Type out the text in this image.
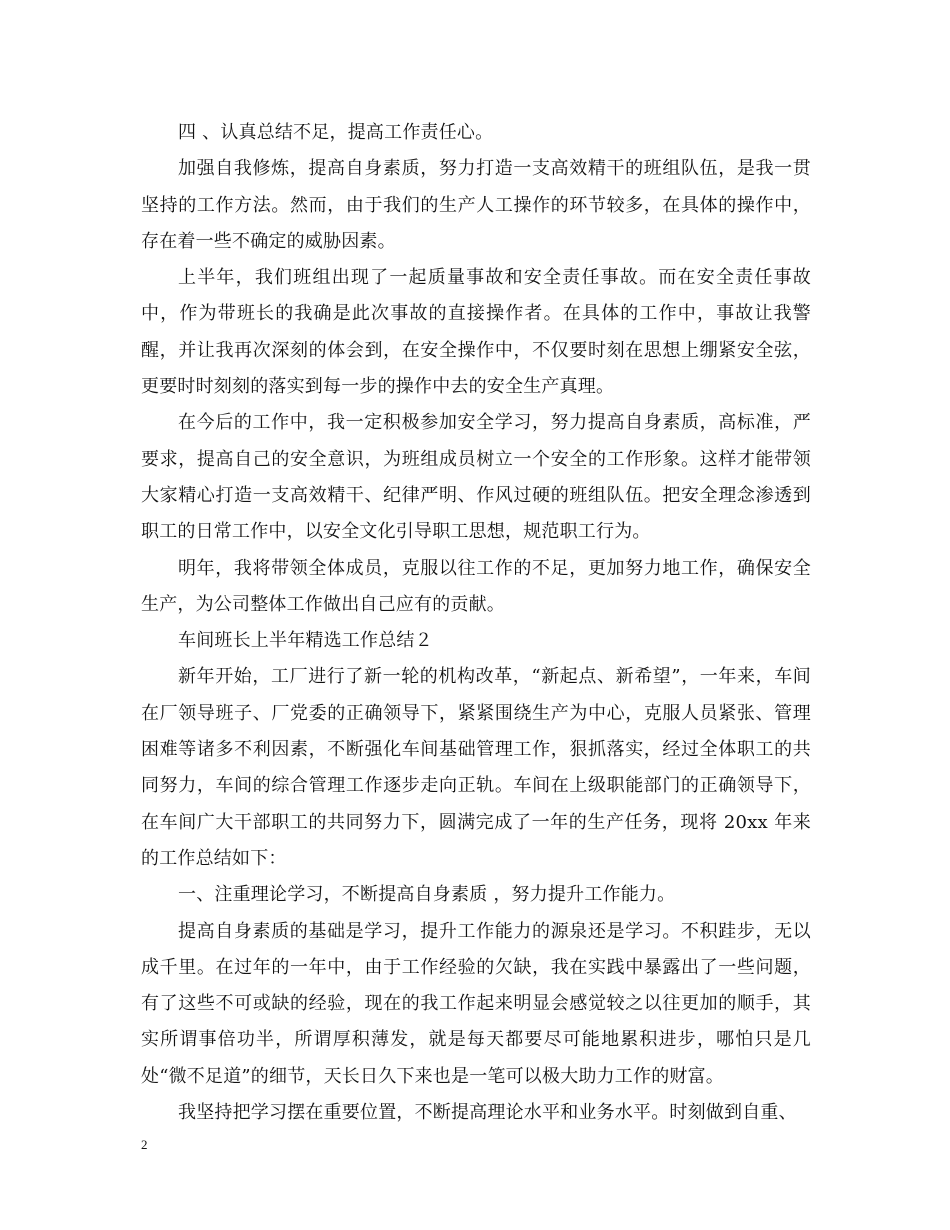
四 、认真总结不足，提高工作责任心。

加强自我修炼，提高自身素质，努力打造一支高效精干的班组队伍，是我一贯坚持的工作方法。然而，由于我们的生产人工操作的环节较多，在具体的操作中，存在着一些不确定的威胁因素。

上半年，我们班组出现了一起质量事故和安全责任事故。而在安全责任事故中，作为带班长的我确是此次事故的直接操作者。在具体的工作中，事故让我警醒，并让我再次深刻的体会到，在安全操作中，不仅要时刻在思想上绷紧安全弦，更要时时刻刻的落实到每一步的操作中去的安全生产真理。

在今后的工作中，我一定积极参加安全学习，努力提高自身素质，高标准，严要求，提高自己的安全意识，为班组成员树立一个安全的工作形象。这样才能带领大家精心打造一支高效精干、纪律严明、作风过硬的班组队伍。把安全理念渗透到职工的日常工作中，以安全文化引导职工思想，规范职工行为。

明年，我将带领全体成员，克服以往工作的不足，更加努力地工作，确保安全生产，为公司整体工作做出自己应有的贡献。

车间班长上半年精选工作总结２

新年开始，工厂进行了新一轮的机构改革，“新起点、新希望”，一年来，车间在厂领导班子、厂党委的正确领导下，紧紧围绕生产为中心，克服人员紧张、管理困难等诸多不利因素，不断强化车间基础管理工作，狠抓落实，经过全体职工的共同努力，车间的综合管理工作逐步走向正轨。车间在上级职能部门的正确领导下，在车间广大干部职工的共同努力下，圆满完成了一年的生产任务，现将 20xx 年来的工作总结如下：

一、注重理论学习，不断提高自身素质 ，努力提升工作能力。

提高自身素质的基础是学习，提升工作能力的源泉还是学习。不积跬步，无以成千里。在过年的一年中，由于工作经验的欠缺，我在实践中暴露出了一些问题，有了这些不可或缺的经验，现在的我工作起来明显会感觉较之以往更加的顺手，其实所谓事倍功半，所谓厚积薄发，就是每天都要尽可能地累积进步，哪怕只是几处“微不足道”的细节，天长日久下来也是一笔可以极大助力工作的财富。

我坚持把学习摆在重要位置，不断提高理论水平和业务水平。时刻做到自重、

2
